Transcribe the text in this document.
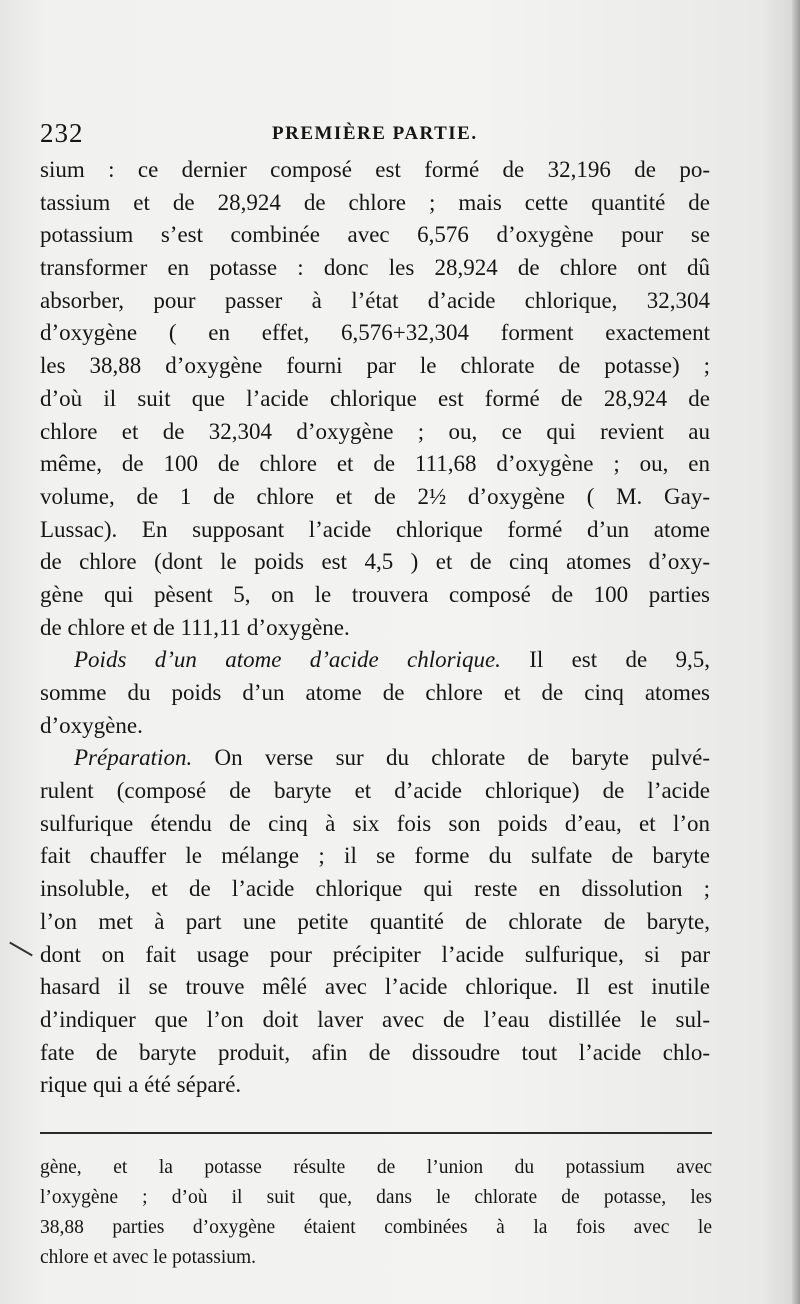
232	PREMIÈRE PARTIE.
sium : ce dernier composé est formé de 32,196 de po-
tassium et de 28,924 de chlore ; mais cette quantité de
potassium s’est combinée avec 6,576 d’oxygène pour se
transformer en potasse : donc les 28,924 de chlore ont dû
absorber, pour passer à l’état d’acide chlorique, 32,304
d’oxygène ( en effet, 6,576+32,304 forment exactement
les 38,88 d’oxygène fourni par le chlorate de potasse) ;
d’où il suit que l’acide chlorique est formé de 28,924 de
chlore et de 32,304 d’oxygène ; ou, ce qui revient au
même, de 100 de chlore et de 111,68 d’oxygène ; ou, en
volume, de 1 de chlore et de 2½ d’oxygène ( M. Gay-
Lussac). En supposant l’acide chlorique formé d’un atome
de chlore (dont le poids est 4,5 ) et de cinq atomes d’oxy-
gène qui pèsent 5, on le trouvera composé de 100 parties
de chlore et de 111,11 d’oxygène.
Poids d’un atome d’acide chlorique. Il est de 9,5,
somme du poids d’un atome de chlore et de cinq atomes
d’oxygène.
Préparation. On verse sur du chlorate de baryte pulvé-
rulent (composé de baryte et d’acide chlorique) de l’acide
sulfurique étendu de cinq à six fois son poids d’eau, et l’on
fait chauffer le mélange ; il se forme du sulfate de baryte
insoluble, et de l’acide chlorique qui reste en dissolution ;
l’on met à part une petite quantité de chlorate de baryte,
dont on fait usage pour précipiter l’acide sulfurique, si par
hasard il se trouve mêlé avec l’acide chlorique. Il est inutile
d’indiquer que l’on doit laver avec de l’eau distillée le sul-
fate de baryte produit, afin de dissoudre tout l’acide chlo-
rique qui a été séparé.
gène, et la potasse résulte de l’union du potassium avec
l’oxygène ; d’où il suit que, dans le chlorate de potasse, les
38,88 parties d’oxygène étaient combinées à la fois avec le
chlore et avec le potassium.
